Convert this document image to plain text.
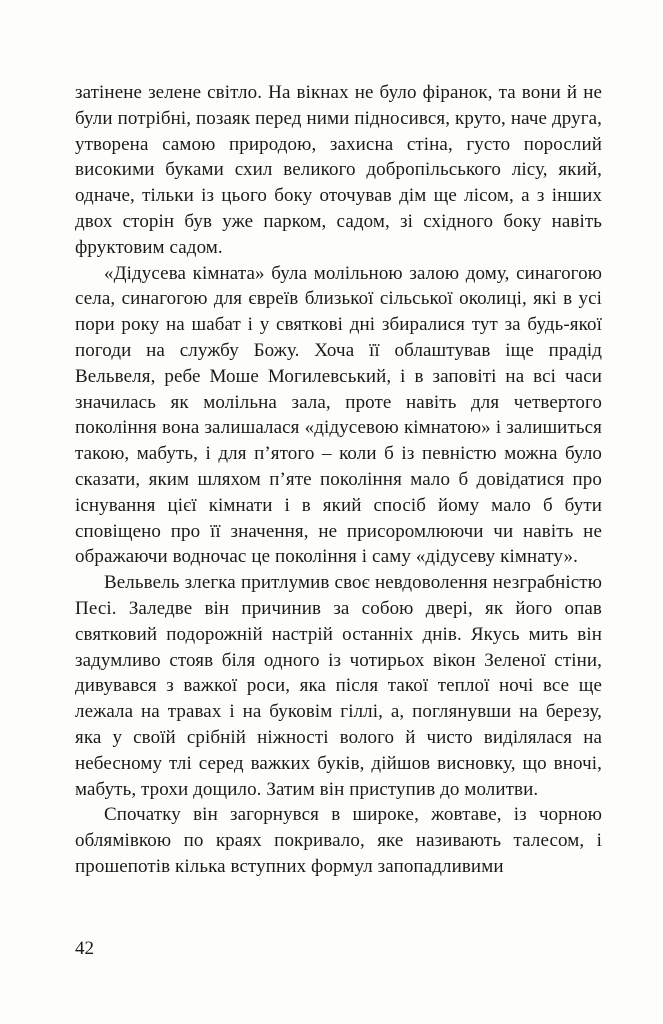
затінене зелене світло. На вікнах не було фіранок, та вони й не були потрібні, позаяк перед ними підносився, круто, наче друга, утворена самою природою, захисна стіна, густо порослий високими буками схил великого добропільського лісу, який, одначе, тільки із цього боку оточував дім ще лісом, а з інших двох сторін був уже парком, садом, зі східного боку навіть фруктовим садом.

«Дідусева кімната» була молільною залою дому, синагогою села, синагогою для євреїв близької сільської околиці, які в усі пори року на шабат і у святкові дні збиралися тут за будь-якої погоди на службу Божу. Хоча її облаштував іще прадід Вельвеля, ребе Моше Могилевський, і в заповіті на всі часи значилась як молільна зала, проте навіть для четвертого покоління вона залишалася «дідусевою кімнатою» і залишиться такою, мабуть, і для п’ятого – коли б із певністю можна було сказати, яким шляхом п’яте покоління мало б довідатися про існування цієї кімнати і в який спосіб йому мало б бути сповіщено про її значення, не присоромлюючи чи навіть не ображаючи водночас це покоління і саму «дідусеву кімнату».

Вельвель злегка притлумив своє невдоволення незграбністю Песі. Заледве він причинив за собою двері, як його опав святковий подорожній настрій останніх днів. Якусь мить він задумливо стояв біля одного із чотирьох вікон Зеленої стіни, дивувався з важкої роси, яка після такої теплої ночі все ще лежала на травах і на буковім гіллі, а, поглянувши на березу, яка у своїй срібній ніжності волого й чисто виділялася на небесному тлі серед важких буків, дійшов висновку, що вночі, мабуть, трохи дощило. Затим він приступив до молитви.

Спочатку він загорнувся в широке, жовтаве, із чорною облямівкою по краях покривало, яке називають талесом, і прошепотів кілька вступних формул запопадливими

42
